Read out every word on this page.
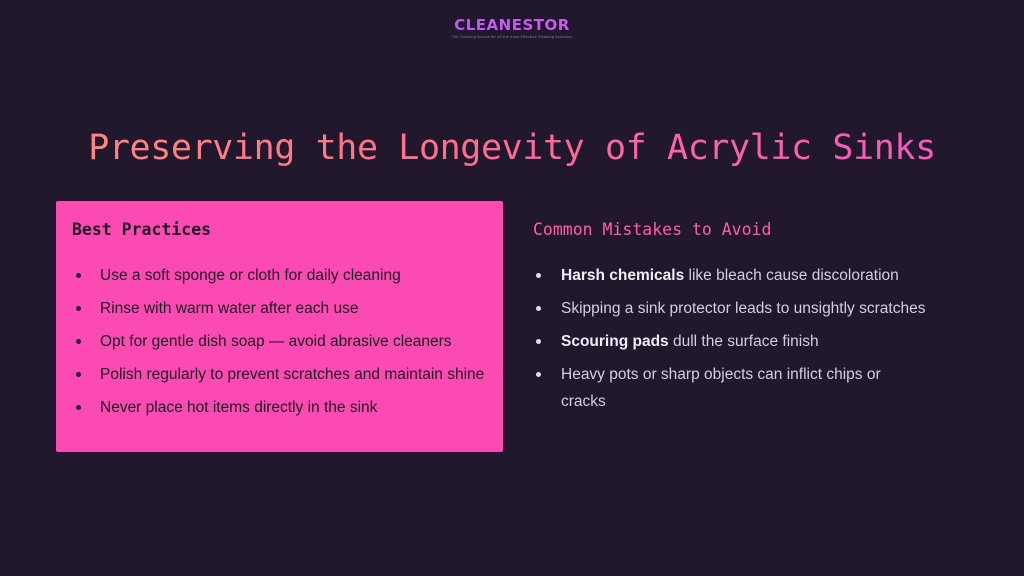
CLEANESTOR
The Cleaning Source for all the most Effective Cleaning Solutions
Preserving the Longevity of Acrylic Sinks
Best Practices
Use a soft sponge or cloth for daily cleaning
Rinse with warm water after each use
Opt for gentle dish soap — avoid abrasive cleaners
Polish regularly to prevent scratches and maintain shine
Never place hot items directly in the sink
Common Mistakes to Avoid
Harsh chemicals like bleach cause discoloration
Skipping a sink protector leads to unsightly scratches
Scouring pads dull the surface finish
Heavy pots or sharp objects can inflict chips or cracks
